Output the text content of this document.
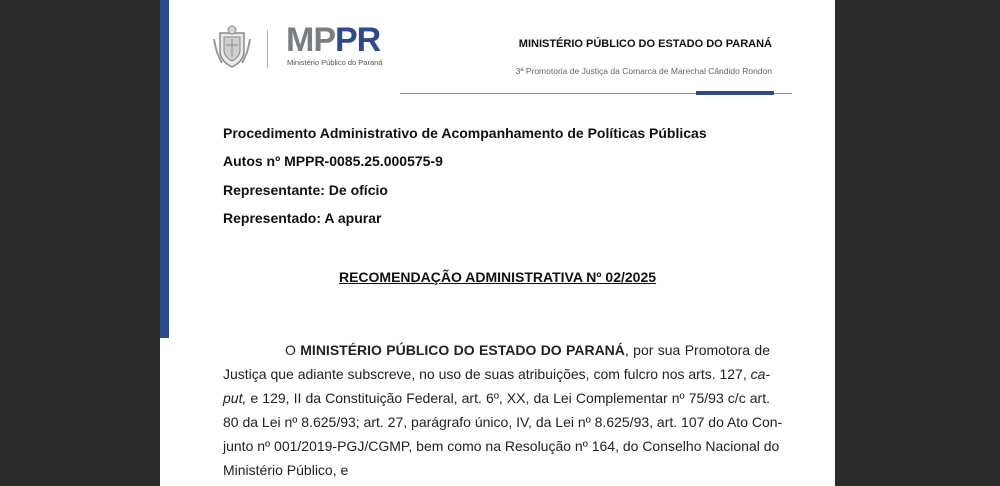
MPPR
Ministério Público do Paraná
MINISTÉRIO PÚBLICO DO ESTADO DO PARANÁ
3ª Promotoria de Justiça da Comarca de Marechal Cândido Rondon
Procedimento Administrativo de Acompanhamento de Políticas Públicas
Autos nº MPPR-0085.25.000575-9
Representante: De ofício
Representado: A apurar
RECOMENDAÇÃO ADMINISTRATIVA Nº 02/2025
O MINISTÉRIO PÚBLICO DO ESTADO DO PARANÁ, por sua Promotora de
Justiça que adiante subscreve, no uso de suas atribuições, com fulcro nos arts. 127, ca-
put, e 129, II da Constituição Federal, art. 6º, XX, da Lei Complementar nº 75/93 c/c art.
80 da Lei nº 8.625/93; art. 27, parágrafo único, IV, da Lei nº 8.625/93, art. 107 do Ato Con-
junto nº 001/2019-PGJ/CGMP, bem como na Resolução nº 164, do Conselho Nacional do
Ministério Público, e
